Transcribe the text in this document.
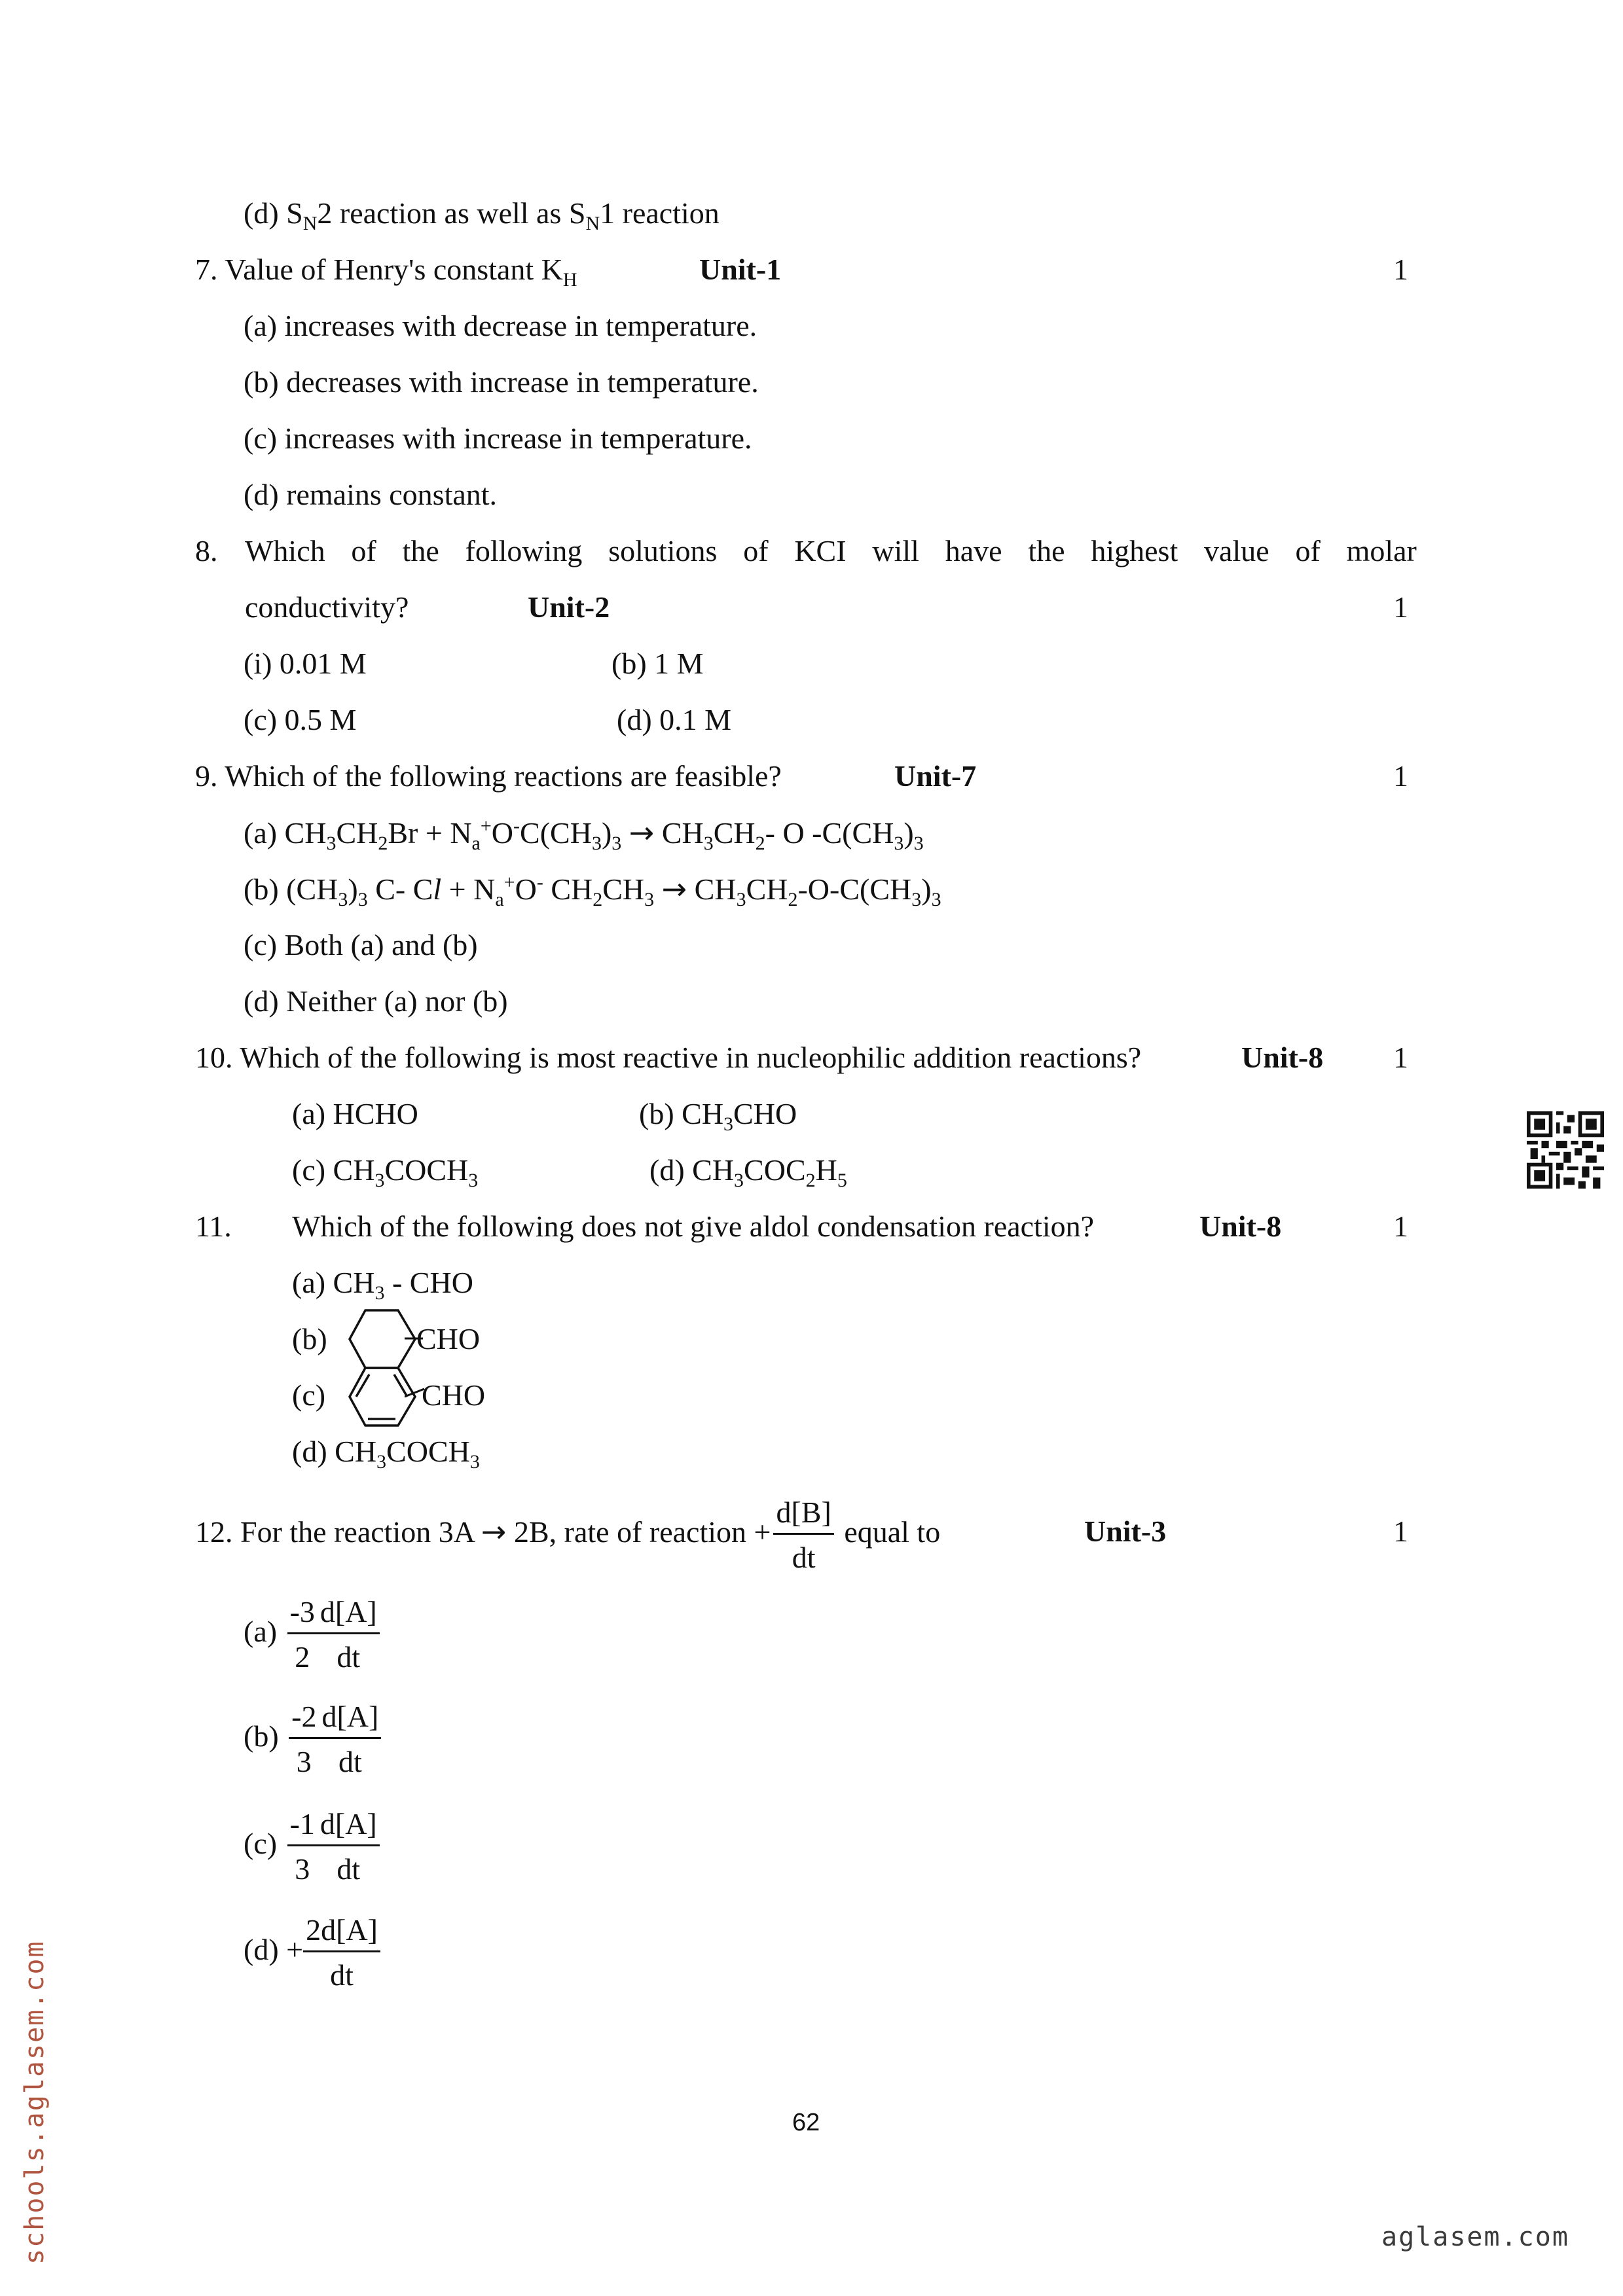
(d) $S_N2$ reaction as well as $S_N1$ reaction
7. Value of Henry's constant $K_H$	Unit-1	1
(a) increases with decrease in temperature.
(b) decreases with increase in temperature.
(c) increases with increase in temperature.
(d) remains constant.
8. Which of the following solutions of KCI will have the highest value of molar
conductivity?	Unit-2	1
(i) 0.01 M	(b) 1 M
(c) 0.5 M	(d) 0.1 M
9. Which of the following reactions are feasible?	Unit-7	1
(a) $CH_3CH_2Br + N_a^+O^-C(CH_3)_3 \to CH_3CH_2-$ O $-C(CH_3)_3$
(b) $(CH_3)_3$ C- $Cl + N_a^+O^-$ $CH_2CH_3 \to CH_3CH_2-O-C(CH_3)_3$
(c) Both (a) and (b)
(d) Neither (a) nor (b)
10. Which of the following is most reactive in nucleophilic addition reactions?	Unit-8 1
(a) HCHO	(b) $CH_3CHO$
(c) $CH_3COCH_3$	(d) $CH_3COC_2H_5$
11. Which of the following does not give aldol condensation reaction?	Unit-8	1
(a) $CH_3$ - CHO
(b)	CHO
(c)	CHO
(d) $CH_3COCH_3$
12. For the reaction 3A → 2B, rate of reaction + $\frac{d[B]}{dt}$ equal to	Unit-3	1
$(a) \frac{-3}{2} \frac{d[A]}{dt}$
$(b) \frac{-2}{3} \frac{d[A]}{dt}$
$(c) \frac{-1}{3} \frac{d[A]}{dt}$
$(d) + \frac{2d[A]}{dt}$
62
schools.aglasem.com	aglasem.com
